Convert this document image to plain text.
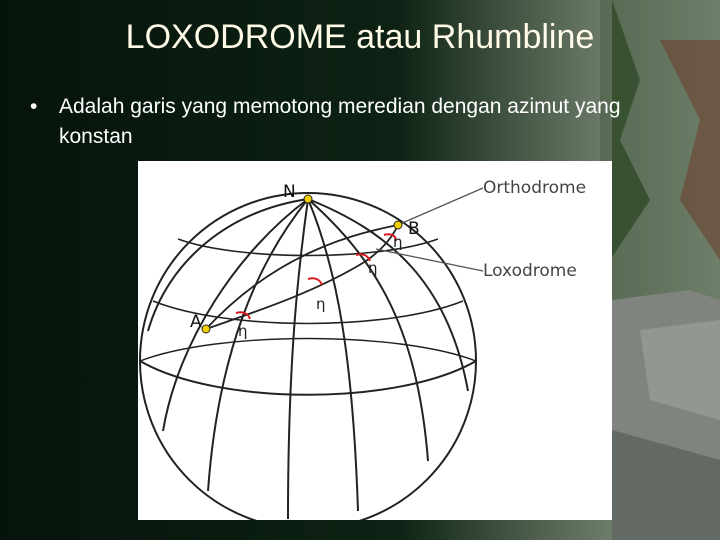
LOXODROME atau Rhumbline
•	Adalah garis yang memotong meredian dengan azimut yang konstan
N
A
B
Orthodrome
Loxodrome
η
η
η
η
